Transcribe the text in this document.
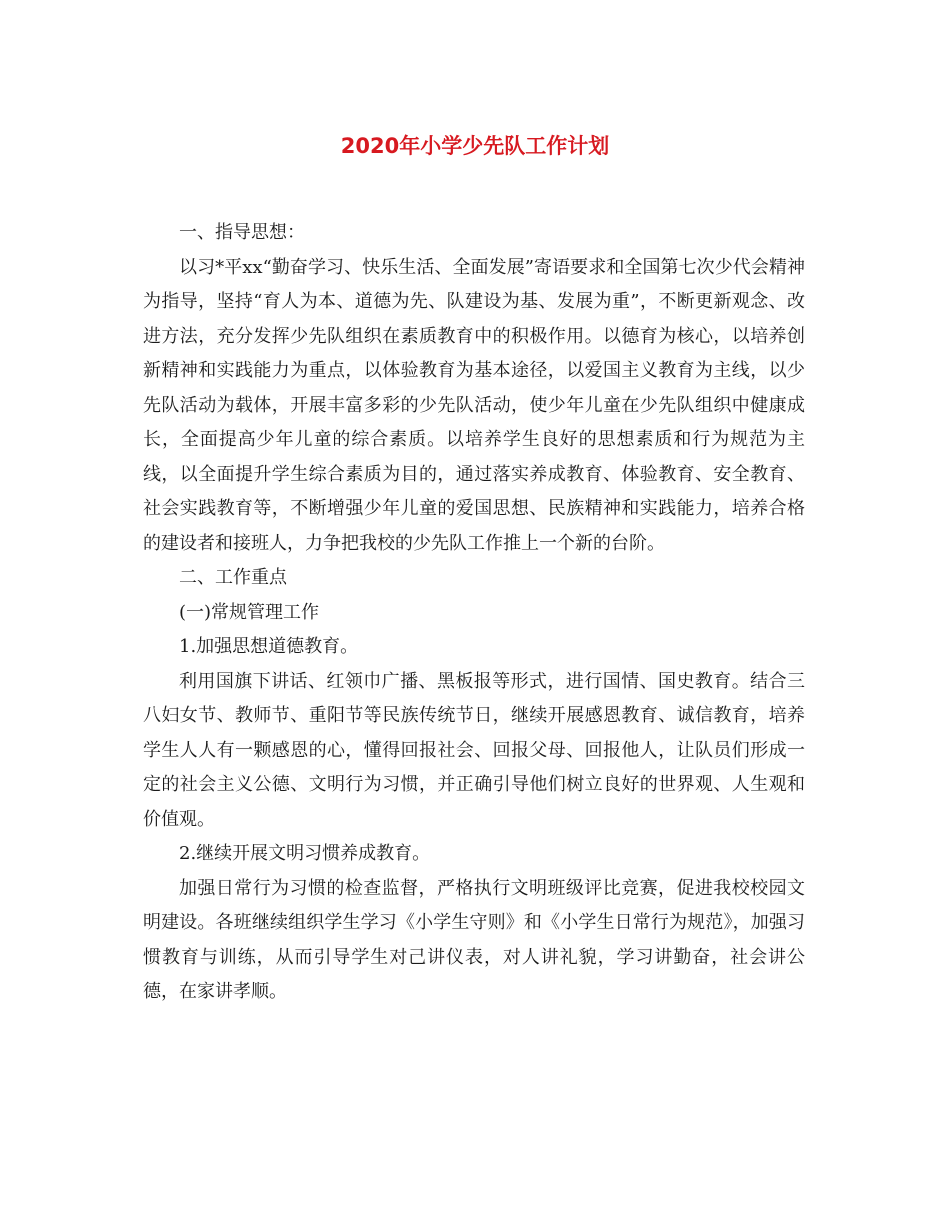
2020年小学少先队工作计划

一、指导思想：

以习*平xx“勤奋学习、快乐生活、全面发展”寄语要求和全国第七次少代会精神为指导，坚持“育人为本、道德为先、队建设为基、发展为重”，不断更新观念、改进方法，充分发挥少先队组织在素质教育中的积极作用。以德育为核心，以培养创新精神和实践能力为重点，以体验教育为基本途径，以爱国主义教育为主线，以少先队活动为载体，开展丰富多彩的少先队活动，使少年儿童在少先队组织中健康成长，全面提高少年儿童的综合素质。以培养学生良好的思想素质和行为规范为主线，以全面提升学生综合素质为目的，通过落实养成教育、体验教育、安全教育、社会实践教育等，不断增强少年儿童的爱国思想、民族精神和实践能力，培养合格的建设者和接班人，力争把我校的少先队工作推上一个新的台阶。

二、工作重点

(一)常规管理工作

1.加强思想道德教育。

利用国旗下讲话、红领巾广播、黑板报等形式，进行国情、国史教育。结合三八妇女节、教师节、重阳节等民族传统节日，继续开展感恩教育、诚信教育，培养学生人人有一颗感恩的心，懂得回报社会、回报父母、回报他人，让队员们形成一定的社会主义公德、文明行为习惯，并正确引导他们树立良好的世界观、人生观和价值观。

2.继续开展文明习惯养成教育。

加强日常行为习惯的检查监督，严格执行文明班级评比竞赛，促进我校校园文明建设。各班继续组织学生学习《小学生守则》和《小学生日常行为规范》，加强习惯教育与训练，从而引导学生对己讲仪表，对人讲礼貌，学习讲勤奋，社会讲公德，在家讲孝顺。
